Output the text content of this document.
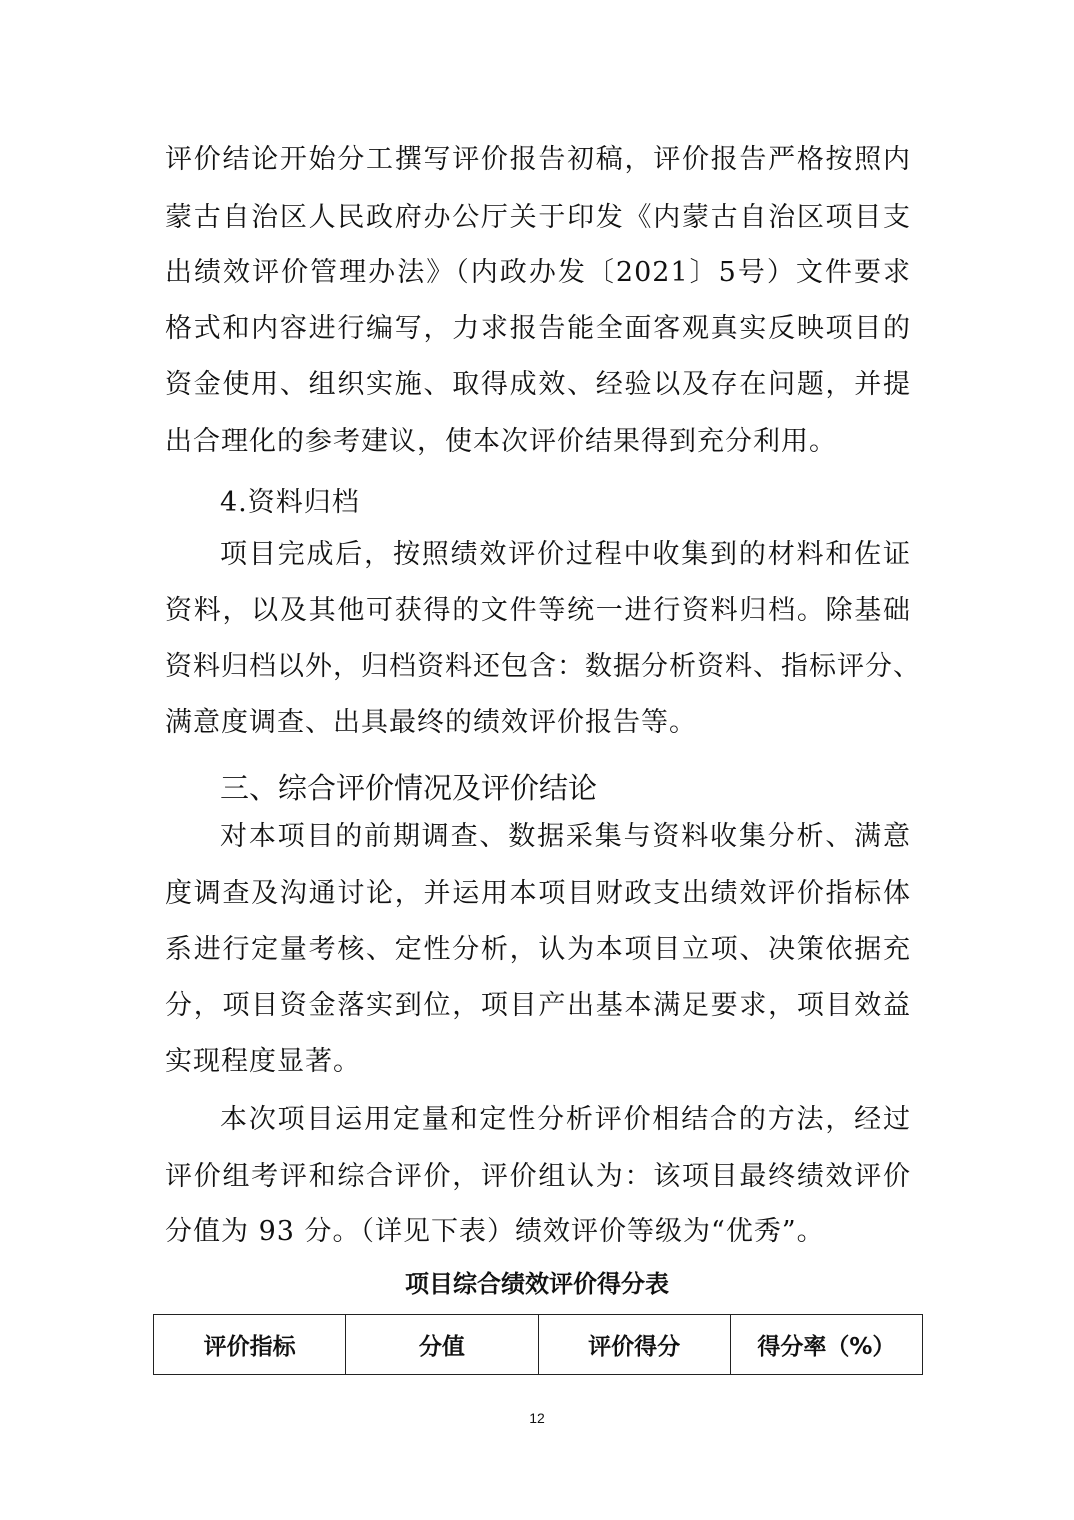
评价结论开始分工撰写评价报告初稿，评价报告严格按照内
蒙古自治区人民政府办公厅关于印发《内蒙古自治区项目支
出绩效评价管理办法》（内政办发〔2021〕5号）文件要求
格式和内容进行编写，力求报告能全面客观真实反映项目的
资金使用、组织实施、取得成效、经验以及存在问题，并提
出合理化的参考建议，使本次评价结果得到充分利用。
4.资料归档
项目完成后，按照绩效评价过程中收集到的材料和佐证
资料，以及其他可获得的文件等统一进行资料归档。除基础
资料归档以外，归档资料还包含：数据分析资料、指标评分、
满意度调查、出具最终的绩效评价报告等。
三、综合评价情况及评价结论
对本项目的前期调查、数据采集与资料收集分析、满意
度调查及沟通讨论，并运用本项目财政支出绩效评价指标体
系进行定量考核、定性分析，认为本项目立项、决策依据充
分，项目资金落实到位，项目产出基本满足要求，项目效益
实现程度显著。
本次项目运用定量和定性分析评价相结合的方法，经过
评价组考评和综合评价，评价组认为：该项目最终绩效评价
分值为 93 分。（详见下表）绩效评价等级为“优秀”。
项目综合绩效评价得分表
评价指标	分值	评价得分	得分率（%）
12
